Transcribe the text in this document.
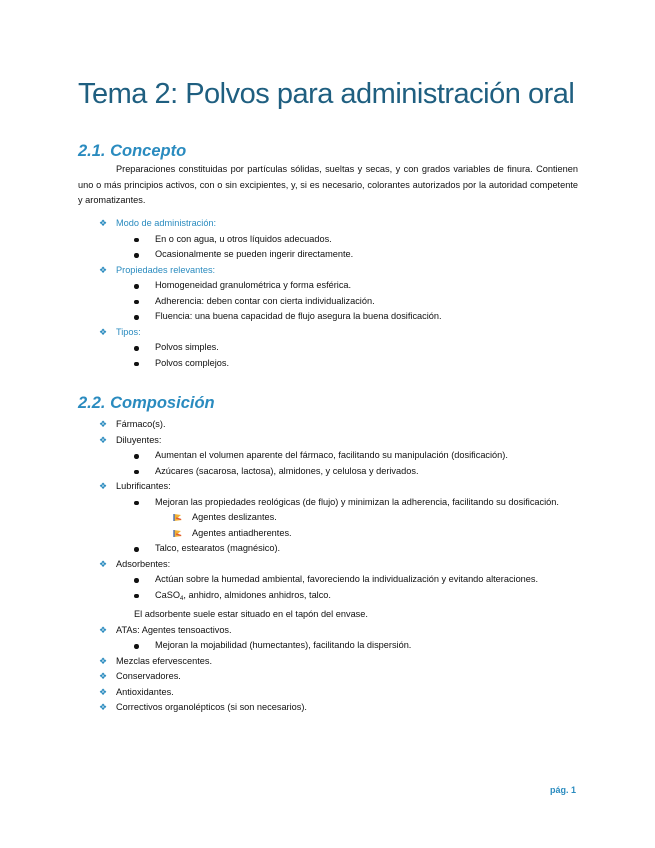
Tema 2: Polvos para administración oral
2.1. Concepto

Preparaciones constituidas por partículas sólidas, sueltas y secas, y con grados variables de finura. Contienen uno o más principios activos, con o sin excipientes, y, si es necesario, colorantes autorizados por la autoridad competente y aromatizantes.

❖ Modo de administración:
En o con agua, u otros líquidos adecuados.
Ocasionalmente se pueden ingerir directamente.
❖ Propiedades relevantes:
Homogeneidad granulométrica y forma esférica.
Adherencia: deben contar con cierta individualización.
Fluencia: una buena capacidad de flujo asegura la buena dosificación.
❖ Tipos:
Polvos simples.
Polvos complejos.
2.2. Composición
❖ Fármaco(s).
❖ Diluyentes:
Aumentan el volumen aparente del fármaco, facilitando su manipulación (dosificación).
Azúcares (sacarosa, lactosa), almidones, y celulosa y derivados.
❖ Lubrificantes:
Mejoran las propiedades reológicas (de flujo) y minimizan la adherencia, facilitando su dosificación.
Agentes deslizantes.
Agentes antiadherentes.
Talco, estearatos (magnésico).
❖ Adsorbentes:
Actúan sobre la humedad ambiental, favoreciendo la individualización y evitando alteraciones.
CaSO$_4$, anhidro, almidones anhidros, talco.
El adsorbente suele estar situado en el tapón del envase.
❖ ATAs: Agentes tensoactivos.
Mejoran la mojabilidad (humectantes), facilitando la dispersión.
❖ Mezclas efervescentes.
❖ Conservadores.
❖ Antioxidantes.
❖ Correctivos organolépticos (si son necesarios).
pág. 1
